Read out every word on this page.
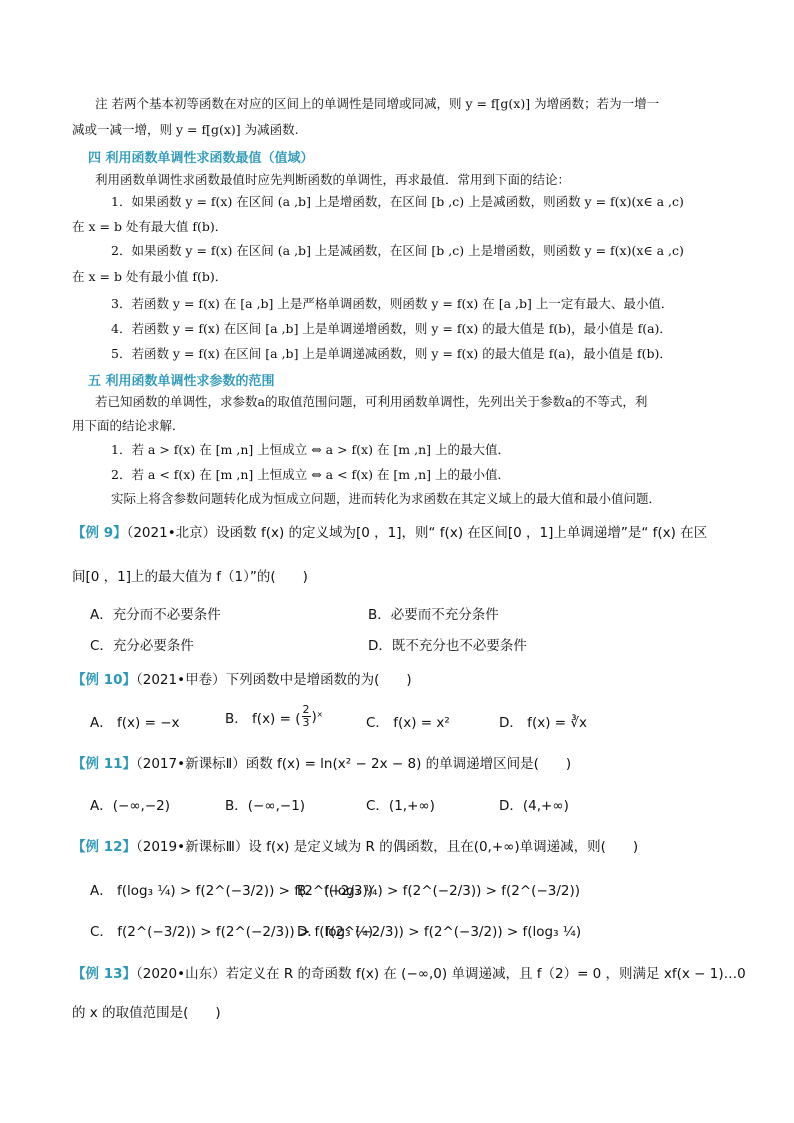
注 若两个基本初等函数在对应的区间上的单调性是同增或同减，则 y = f[g(x)] 为增函数；若为一增一
减或一减一增，则 y = f[g(x)] 为减函数.
四 利用函数单调性求函数最值（值域）
利用函数单调性求函数最值时应先判断函数的单调性，再求最值．常用到下面的结论：
1．如果函数 y = f(x) 在区间 (a ,b] 上是增函数，在区间 [b ,c) 上是减函数，则函数 y = f(x)(x∈ a ,c)
在 x = b 处有最大值 f(b)．
2．如果函数 y = f(x) 在区间 (a ,b] 上是减函数，在区间 [b ,c) 上是增函数，则函数 y = f(x)(x∈ a ,c)
在 x = b 处有最小值 f(b)．
3．若函数 y = f(x) 在 [a ,b] 上是严格单调函数，则函数 y = f(x) 在 [a ,b] 上一定有最大、最小值．
4．若函数 y = f(x) 在区间 [a ,b] 上是单调递增函数，则 y = f(x) 的最大值是 f(b)，最小值是 f(a)．
5．若函数 y = f(x) 在区间 [a ,b] 上是单调递减函数，则 y = f(x) 的最大值是 f(a)，最小值是 f(b)．
五 利用函数单调性求参数的范围
若已知函数的单调性，求参数a的取值范围问题，可利用函数单调性，先列出关于参数a的不等式，利
用下面的结论求解．
1．若 a > f(x) 在 [m ,n] 上恒成立 ⇔ a > f(x) 在 [m ,n] 上的最大值．
2．若 a < f(x) 在 [m ,n] 上恒成立 ⇔ a < f(x) 在 [m ,n] 上的最小值．
实际上将含参数问题转化成为恒成立问题，进而转化为求函数在其定义域上的最大值和最小值问题．
【例 9】（2021•北京）设函数 f(x) 的定义域为[0 ，1]，则“ f(x) 在区间[0 ，1]上单调递增”是“ f(x) 在区
间[0 ，1]上的最大值为 f（1）”的(　　)
A．充分而不必要条件	B．必要而不充分条件
C．充分必要条件	D．既不充分也不必要条件
【例 10】（2021•甲卷）下列函数中是增函数的为(　　)
A． f(x) = −x	B． f(x) = ( $\frac{2}{3}$ )ˣ	C． f(x) = x²	D． f(x) = ∛x
【例 11】（2017•新课标Ⅱ）函数 f(x) = ln(x² − 2x − 8) 的单调递增区间是(　　)
A．(−∞,−2)	B．(−∞,−1)	C．(1,+∞)	D．(4,+∞)
【例 12】（2019•新课标Ⅲ）设 f(x) 是定义域为 R 的偶函数，且在(0,+∞)单调递减，则(　　)
A． f(log₃ ¼) > f(2^(−3/2)) > f(2^(−2/3))
B． f(log₃ ¼) > f(2^(−2/3)) > f(2^(−3/2))
C． f(2^(−3/2)) > f(2^(−2/3)) > f(log₃ ¼)
D． f(2^(−2/3)) > f(2^(−3/2)) > f(log₃ ¼)
【例 13】（2020•山东）若定义在 R 的奇函数 f(x) 在 (−∞,0) 单调递减，且 f（2）= 0 ，则满足 xf(x − 1)…0
的 x 的取值范围是(　　)
